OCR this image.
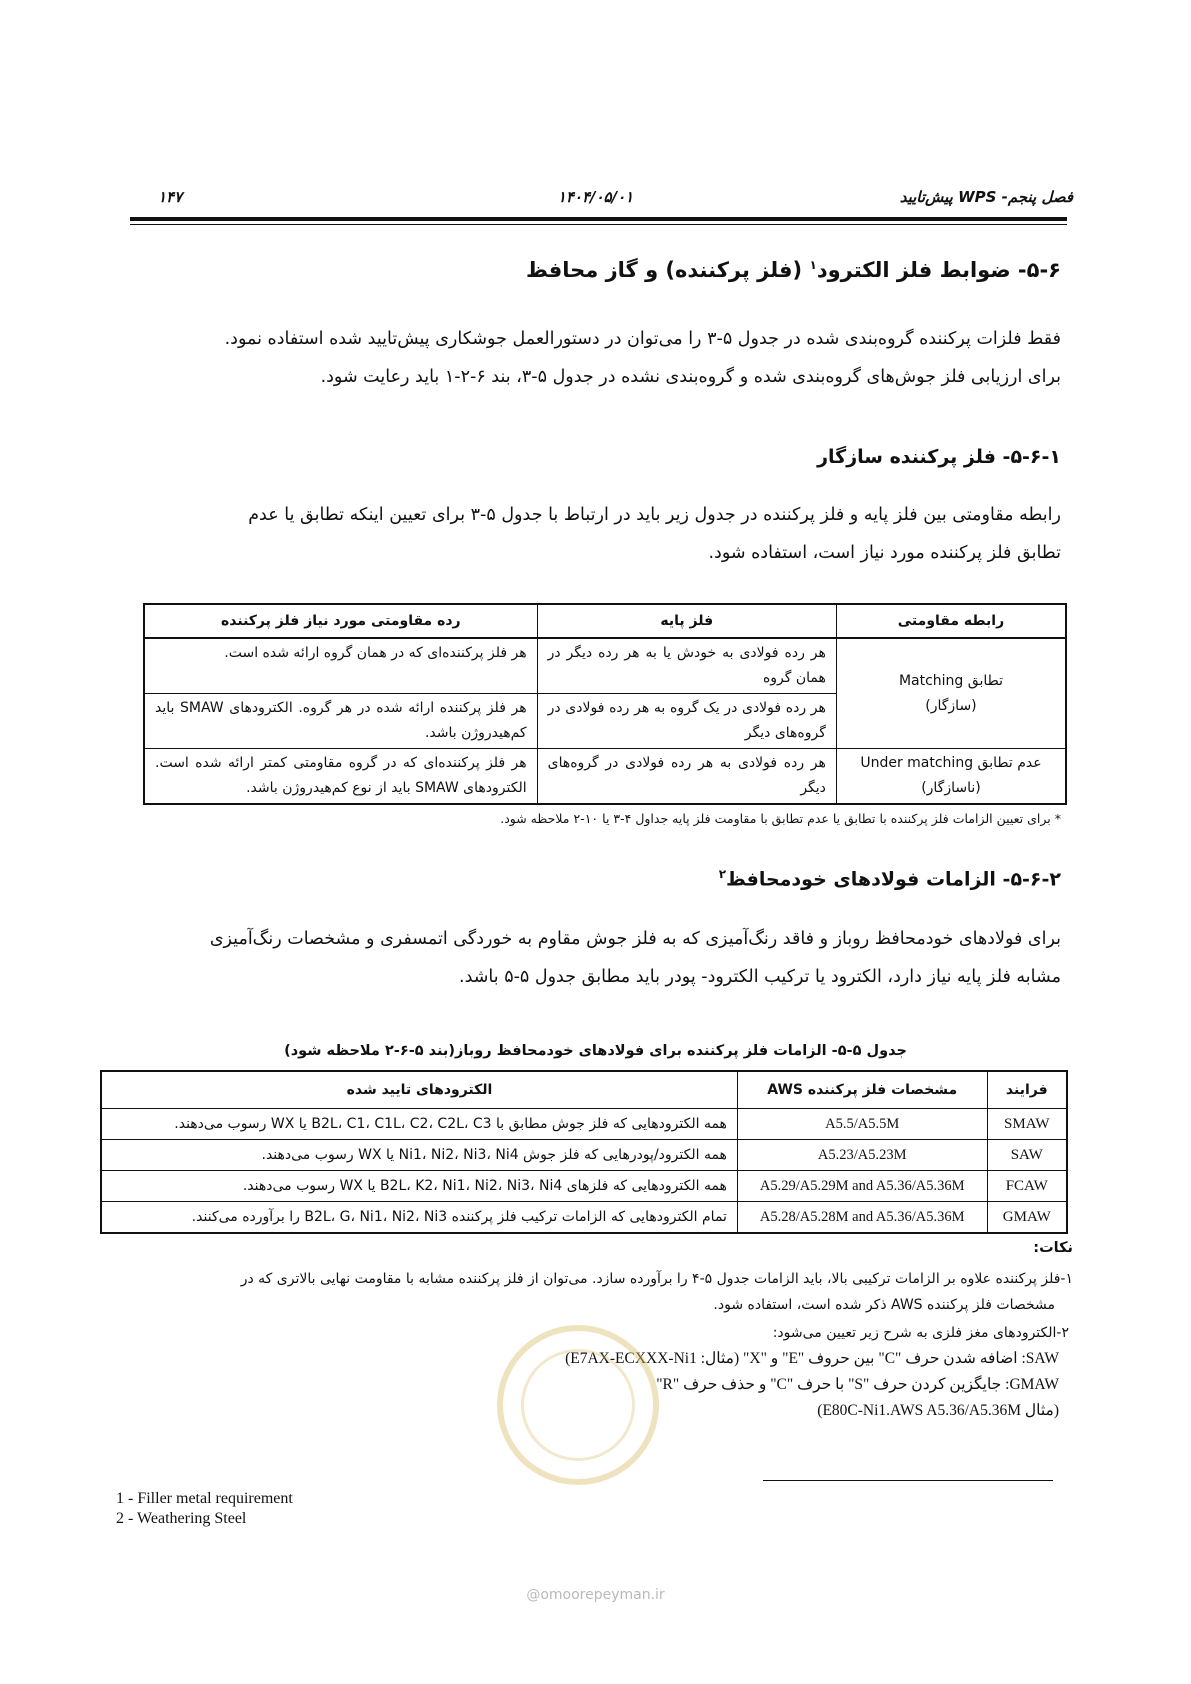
فصل پنجم- WPS پیش‌تایید
۱۴۰۴/۰۵/۰۱
۱۴۷
۵-۶- ضوابط فلز الکترود$^۱$ (فلز پرکننده) و گاز محافظ
فقط فلزات پرکننده گروه‌بندی شده در جدول ۵-۳ را می‌توان در دستورالعمل جوشکاری پیش‌تایید شده استفاده نمود.
برای ارزیابی فلز جوش‌های گروه‌بندی شده و گروه‌بندی نشده در جدول ۵-۳، بند ۶-۲-۱ باید رعایت شود.
۵-۶-۱- فلز پرکننده سازگار
رابطه مقاومتی بین فلز پایه و فلز پرکننده در جدول زیر باید در ارتباط با جدول ۵-۳ برای تعیین اینکه تطابق یا عدم
تطابق فلز پرکننده مورد نیاز است، استفاده شود.
رابطه مقاومتی	فلز پایه	رده مقاومتی مورد نیاز فلز پرکننده

تطابق Matching
(سازگار)	هر رده فولادی به خودش یا به هر رده دیگر در همان گروه	هر فلز پرکننده‌ای که در همان گروه ارائه شده است.
	هر رده فولادی در یک گروه به هر رده فولادی در گروه‌های دیگر	هر فلز پرکننده ارائه شده در هر گروه. الکترودهای SMAW باید کم‌هیدروژن باشد.

عدم تطابق Under matching
(ناسازگار)	هر رده فولادی به هر رده فولادی در گروه‌های دیگر	هر فلز پرکننده‌ای که در گروه مقاومتی کمتر ارائه شده است. الکترودهای SMAW باید از نوع کم‌هیدروژن باشد.
* برای تعیین الزامات فلز پرکننده با تطابق یا عدم تطابق با مقاومت فلز پایه جداول ۴-۳ یا ۱۰-۲ ملاحظه شود.
۵-۶-۲- الزامات فولادهای خودمحافظ$^۲$
برای فولادهای خودمحافظ روباز و فاقد رنگ‌آمیزی که به فلز جوش مقاوم به خوردگی اتمسفری و مشخصات رنگ‌آمیزی
مشابه فلز پایه نیاز دارد، الکترود یا ترکیب الکترود- پودر باید مطابق جدول ۵-۵ باشد.
جدول ۵-۵- الزامات فلز پرکننده برای فولادهای خودمحافظ روباز(بند ۵-۶-۲ ملاحظه شود)
فرایند	مشخصات فلز پرکننده AWS	الکترودهای تایید شده
SMAW	A5.5/A5.5M	همه الکترودهایی که فلز جوش مطابق با B2L، C1، C1L، C2، C2L، C3 یا WX رسوب می‌دهند.
SAW	A5.23/A5.23M	همه الکترود/پودرهایی که فلز جوش Ni1، Ni2، Ni3، Ni4 یا WX رسوب می‌دهند.
FCAW	A5.29/A5.29M and A5.36/A5.36M	همه الکترودهایی که فلزهای B2L، K2، Ni1، Ni2، Ni3، Ni4 یا WX رسوب می‌دهند.
GMAW	A5.28/A5.28M and A5.36/A5.36M	تمام الکترودهایی که الزامات ترکیب فلز پرکننده B2L، G، Ni1، Ni2، Ni3 را برآورده می‌کنند.
نکات:
۱-فلز پرکننده علاوه بر الزامات ترکیبی بالا، باید الزامات جدول ۵-۴ را برآورده سازد. می‌توان از فلز پرکننده مشابه با مقاومت نهایی بالاتری که در
مشخصات فلز پرکننده AWS ذکر شده است، استفاده شود.
۲-الکترودهای مغز فلزی به شرح زیر تعیین می‌شود:
SAW: اضافه شدن حرف "C" بین حروف "E" و "X" (مثال: E7AX-ECXXX-Ni1)
GMAW: جایگزین کردن حرف "S" با حرف "C" و حذف حرف "R"
(مثال E80C-Ni1.AWS A5.36/A5.36M)
1 - Filler metal requirement
2 - Weathering Steel
@omoorepeyman.ir
